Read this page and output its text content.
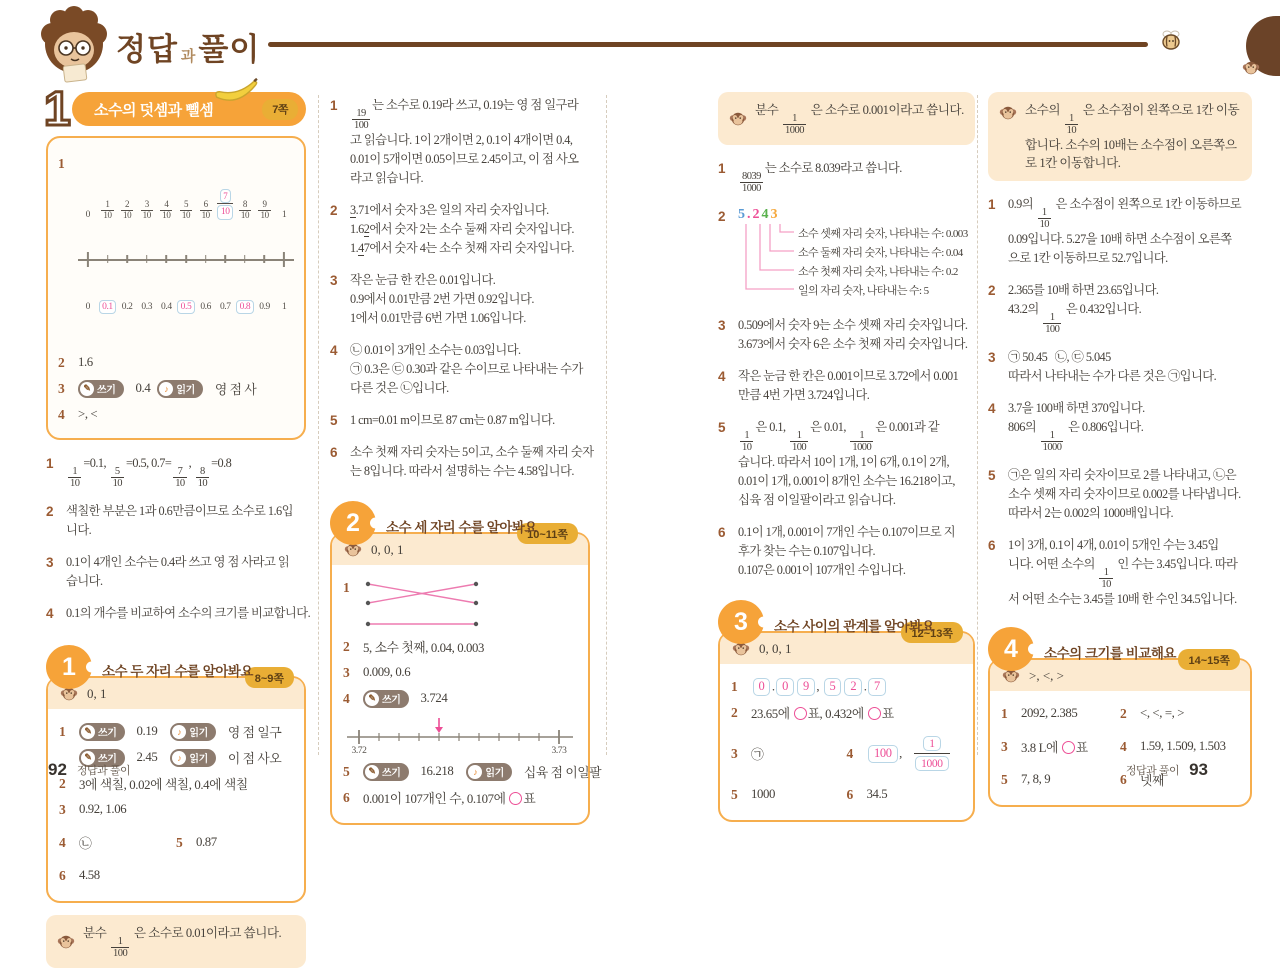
정답 과 풀이
1 소수의 덧셈과 뺄셈	7쪽
1

0
1
10
2
10
3
10
4
10
5
10
6
10
7
10
8
10
9
10	1

0	0.1 0.2 0.3 0.4 0.5 0.6 0.7 0.8 0.9	1

2	1.6
3	✎ 쓰기 0.4	♪ 읽기 영 점 사
4	>, <
1
$\frac{1}{10}$
=0.1,
$\frac{5}{10}$
=0.5, 0.7=
$\frac{7}{10}$
,
$\frac{8}{10}$
=0.8
2	색칠한 부분은 1과 0.6만큼이므로 소수로 1.6입
니다.
3	0.1이 4개인 소수는 0.4라 쓰고 영 점 사라고 읽
습니다.
4	0.1의 개수를 비교하여 소수의 크기를 비교합니다.
1	소수 두 자리 수를 알아봐요 8~9쪽
0, 1
1	✎ 쓰기 0.19	♪ 읽기 영 점 일구
✎ 쓰기 2.45	♪ 읽기 이 점 사오
2	3에 색칠, 0.02에 색칠, 0.4에 색칠
3	0.92, 1.06
4	㉡	5	0.87
6	4.58
분수
$\frac{1}{100}$
은 소수로 0.01이라고 씁니다.
1
$\frac{19}{100}$
는 소수로 0.19라 쓰고, 0.19는 영 점 일구라
고 읽습니다. 1이 2개이면 2, 0.1이 4개이면 0.4,
0.01이 5개이면 0.05이므로 2.45이고, 이 점 사오
라고 읽습니다.
2	3.71에서 숫자 3은 일의 자리 숫자입니다.
1.62에서 숫자 2는 소수 둘째 자리 숫자입니다.
1.47에서 숫자 4는 소수 첫째 자리 숫자입니다.
3	작은 눈금 한 칸은 0.01입니다.
0.9에서 0.01만큼 2번 가면 0.92입니다.
1에서 0.01만큼 6번 가면 1.06입니다.
4	㉡ 0.01이 3개인 소수는 0.03입니다.
㉠ 0.3은 ㉢ 0.30과 같은 수이므로 나타내는 수가
다른 것은 ㉡입니다.
5	1 cm=0.01 m이므로 87 cm는 0.87 m입니다.
6	소수 첫째 자리 숫자는 5이고, 소수 둘째 자리 숫자
는 8입니다. 따라서 설명하는 수는 4.58입니다.
2	소수 세 자리 수를 알아봐요
10~11쪽
0, 0, 1
1
2	5, 소수 첫째, 0.04, 0.003
3	0.009, 0.6
4	✎ 쓰기 3.724
3.72	3.73
5	✎ 쓰기 16.218	♪ 읽기 십육 점 이일팔
6	0.001이 107개인 수, 0.107에 ○표
분수
$\frac{1}{1000}$
은 소수로 0.001이라고 씁니다.
1
$\frac{8039}{1000}$
는 소수로 8.039라고 씁니다.
2 5.243
소수 셋째 자리 숫자, 나타내는 수: 0.003
소수 둘째 자리 숫자, 나타내는 수: 0.04
소수 첫째 자리 숫자, 나타내는 수: 0.2
일의 자리 숫자, 나타내는 수: 5
3	0.509에서 숫자 9는 소수 셋째 자리 숫자입니다.
3.673에서 숫자 6은 소수 첫째 자리 숫자입니다.
4	작은 눈금 한 칸은 0.001이므로 3.72에서 0.001
만큼 4번 가면 3.724입니다.
5
$\frac{1}{10}$
은 0.1,
$\frac{1}{100}$
은 0.01,
$\frac{1}{1000}$
은 0.001과 같
습니다. 따라서 10이 1개, 1이 6개, 0.1이 2개,
0.01이 1개, 0.001이 8개인 소수는 16.218이고,
십육 점 이일팔이라고 읽습니다.
6	0.1이 1개, 0.001이 7개인 수는 0.107이므로 지
후가 찾는 수는 0.107입니다.
0.107은 0.001이 107개인 수입니다.
3	소수 사이의 관계를 알아봐요
12~13쪽
0, 0, 1
1	0 . 0 9 , 5 2 . 7
2	23.65에 ○표, 0.432에 ○표
3	㉠	4	100 ,
1
1000
5	1000	6	34.5
소수의
$\frac{1}{10}$
은 소수점이 왼쪽으로 1칸 이동
합니다. 소수의 10배는 소수점이 오른쪽으
로 1칸 이동합니다.
1	0.9의
$\frac{1}{10}$
은 소수점이 왼쪽으로 1칸 이동하므로
0.09입니다. 5.27을 10배 하면 소수점이 오른쪽
으로 1칸 이동하므로 52.7입니다.
2	2.365를 10배 하면 23.65입니다.
43.2의
$\frac{1}{100}$
은 0.432입니다.
3	㉠ 50.45   ㉡, ㉢ 5.045
따라서 나타내는 수가 다른 것은 ㉠입니다.
4	3.7을 100배 하면 370입니다.
806의
$\frac{1}{1000}$
은 0.806입니다.
5	㉠은 일의 자리 숫자이므로 2를 나타내고, ㉡은
소수 셋째 자리 숫자이므로 0.002를 나타냅니다.
따라서 2는 0.002의 1000배입니다.
6	1이 3개, 0.1이 4개, 0.01이 5개인 수는 3.45입
니다. 어떤 소수의
$\frac{1}{10}$
인 수는 3.45입니다. 따라
서 어떤 소수는 3.45를 10배 한 수인 34.5입니다.
4	소수의 크기를 비교해요	14~15쪽
>, <, >
1	2092, 2.385	2	<, <, =, >
3	3.8 L에 ○표 4	1.59, 1.509, 1.503
5	7, 8, 9	6	넷째
92 정답과 풀이	정답과 풀이 93
